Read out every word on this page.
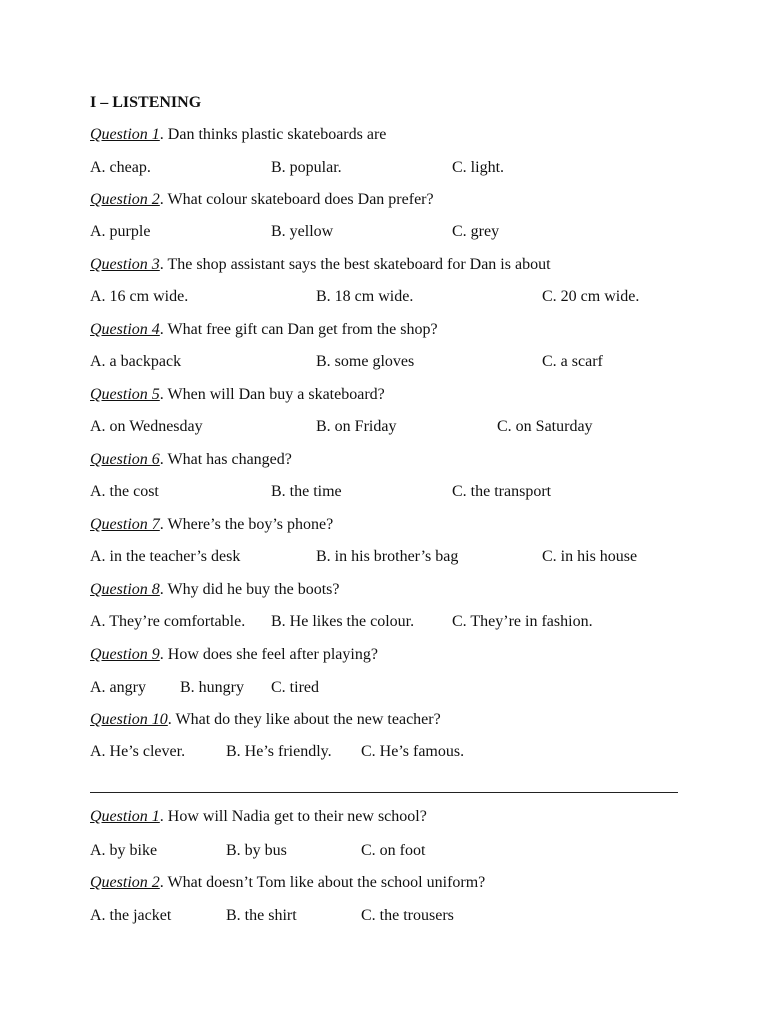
I – LISTENING
Question 1. Dan thinks plastic skateboards are
A. cheap.	B. popular.	C. light.
Question 2. What colour skateboard does Dan prefer?
A. purple	B. yellow	C. grey
Question 3. The shop assistant says the best skateboard for Dan is about
A. 16 cm wide.	B. 18 cm wide.	C. 20 cm wide.
Question 4. What free gift can Dan get from the shop?
A. a backpack	B. some gloves	C. a scarf
Question 5. When will Dan buy a skateboard?
A. on Wednesday	B. on Friday	C. on Saturday
Question 6. What has changed?
A. the cost	B. the time	C. the transport
Question 7. Where’s the boy’s phone?
A. in the teacher’s desk	B. in his brother’s bag	C. in his house
Question 8. Why did he buy the boots?
A. They’re comfortable. B. He likes the colour. C. They’re in fashion.
Question 9. How does she feel after playing?
A. angry B. hungry C. tired
Question 10. What do they like about the new teacher?
A. He’s clever.	B. He’s friendly. C. He’s famous.
Question 1. How will Nadia get to their new school?
A. by bike	B. by bus	C. on foot
Question 2. What doesn’t Tom like about the school uniform?
A. the jacket	B. the shirt	C. the trousers
